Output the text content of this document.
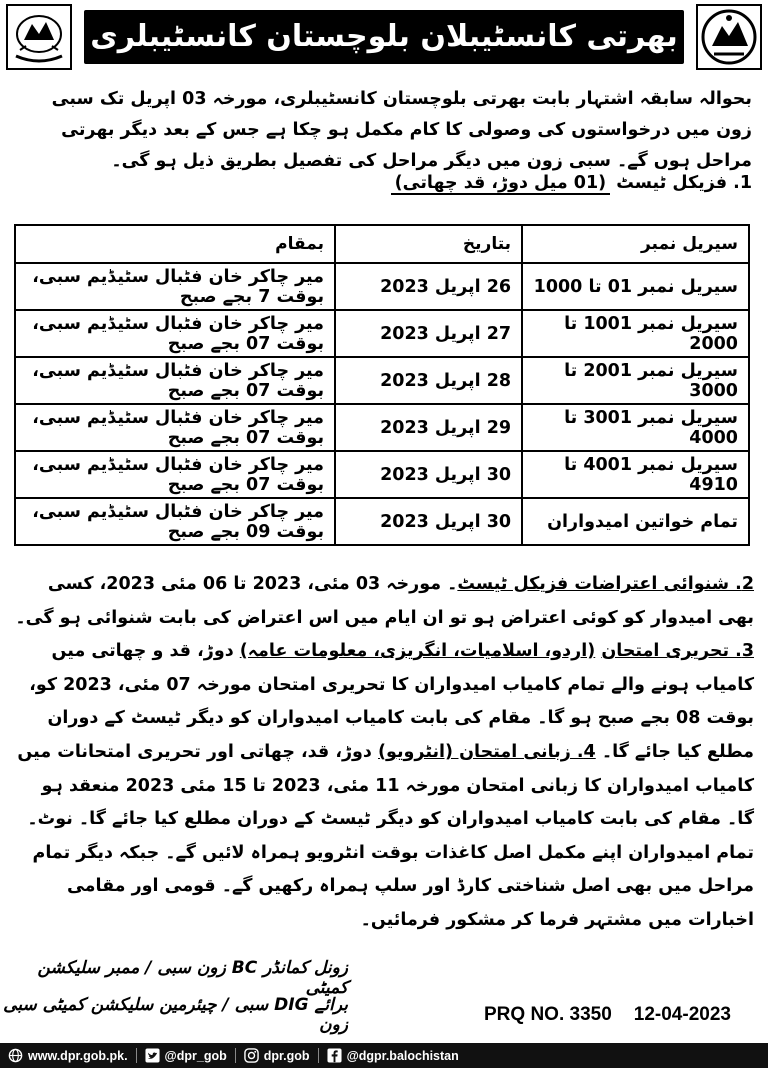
بھرتی کانسٹیبلان بلوچستان کانسٹیبلری
بحوالہ سابقہ اشتہار بابت بھرتی بلوچستان کانسٹیبلری، مورخہ 03 اپریل تک سبی زون میں درخواستوں کی وصولی کا کام مکمل ہو چکا ہے جس کے بعد دیگر بھرتی مراحل ہوں گے۔ سبی زون میں دیگر مراحل کی تفصیل بطریق ذیل ہو گی۔
1. فزیکل ٹیسٹ (01 میل دوڑ، قد چھاتی)
سیریل نمبر	بتاریخ	بمقام
سیریل نمبر 01 تا 1000	26 اپریل 2023	میر چاکر خان فٹبال سٹیڈیم سبی، بوقت 7 بجے صبح
سیریل نمبر 1001 تا 2000	27 اپریل 2023	میر چاکر خان فٹبال سٹیڈیم سبی، بوقت 07 بجے صبح
سیریل نمبر 2001 تا 3000	28 اپریل 2023	میر چاکر خان فٹبال سٹیڈیم سبی، بوقت 07 بجے صبح
سیریل نمبر 3001 تا 4000	29 اپریل 2023	میر چاکر خان فٹبال سٹیڈیم سبی، بوقت 07 بجے صبح
سیریل نمبر 4001 تا 4910	30 اپریل 2023	میر چاکر خان فٹبال سٹیڈیم سبی، بوقت 07 بجے صبح
تمام خواتین امیدواران	30 اپریل 2023	میر چاکر خان فٹبال سٹیڈیم سبی، بوقت 09 بجے صبح
2. شنوائی اعتراضات فزیکل ٹیسٹ۔ مورخہ 03 مئی، 2023 تا 06 مئی 2023، کسی بھی امیدوار کو کوئی اعتراض ہو تو ان ایام میں اس اعتراض کی بابت شنوائی ہو گی۔ 3. تحریری امتحان (اردو، اسلامیات، انگریزی، معلومات عامہ) دوڑ، قد و چھاتی میں کامیاب ہونے والے تمام کامیاب امیدواران کا تحریری امتحان مورخہ 07 مئی، 2023 کو، بوقت 08 بجے صبح ہو گا۔ مقام کی بابت کامیاب امیدواران کو دیگر ٹیسٹ کے دوران مطلع کیا جائے گا۔ 4. زبانی امتحان (انٹرویو) دوڑ، قد، چھاتی اور تحریری امتحانات میں کامیاب امیدواران کا زبانی امتحان مورخہ 11 مئی، 2023 تا 15 مئی 2023 منعقد ہو گا۔ مقام کی بابت کامیاب امیدواران کو دیگر ٹیسٹ کے دوران مطلع کیا جائے گا۔ نوٹ۔ تمام امیدواران اپنے مکمل اصل کاغذات بوقت انٹرویو ہمراہ لائیں گے۔ جبکہ دیگر تمام مراحل میں بھی اصل شناختی کارڈ اور سلپ ہمراہ رکھیں گے۔ قومی اور مقامی اخبارات میں مشتہر فرما کر مشکور فرمائیں۔
زونل کمانڈر BC زون سبی / ممبر سلیکشن کمیٹی
برائے DIG سبی / چیئرمین سلیکشن کمیٹی سبی زون	PRQ NO. 3350 12-04-2023
www.dpr.gob.pk.	@dpr_gob	dpr.gob	@dgpr.balochistan
